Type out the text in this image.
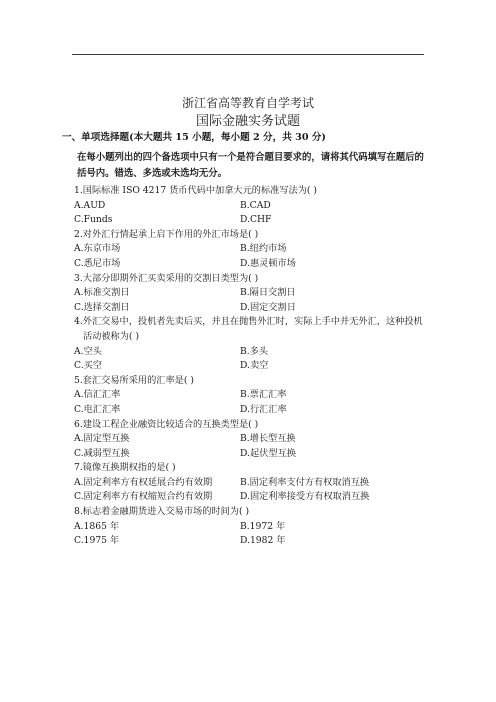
浙江省高等教育自学考试
国际金融实务试题
一、单项选择题(本大题共 15 小题，每小题 2 分，共 30 分)
在每小题列出的四个备选项中只有一个是符合题目要求的，请将其代码填写在题后的
括号内。错选、多选或未选均无分。
1.国际标准 ISO 4217 货币代码中加拿大元的标准写法为( )
A.AUD	B.CAD
C.Funds	D.CHF
2.对外汇行情起承上启下作用的外汇市场是( )
A.东京市场	B.纽约市场
C.悉尼市场	D.惠灵顿市场
3.大部分即期外汇买卖采用的交割日类型为( )
A.标准交割日	B.隔日交割日
C.选择交割日	D.固定交割日
4.外汇交易中，投机者先卖后买，并且在抛售外汇时，实际上手中并无外汇，这种投机活动被称为( )
A.空头	B.多头
C.买空	D.卖空
5.套汇交易所采用的汇率是( )
A.信汇汇率	B.票汇汇率
C.电汇汇率	D.行汇汇率
6.建设工程企业融资比较适合的互换类型是( )
A.固定型互换	B.增长型互换
C.减弱型互换	D.起伏型互换
7.镜像互换期权指的是( )
A.固定利率方有权延展合约有效期	B.固定利率支付方有权取消互换
C.固定利率方有权缩短合约有效期	D.固定利率接受方有权取消互换
8.标志着金融期货进入交易市场的时间为( )
A.1865 年	B.1972 年
C.1975 年	D.1982 年
